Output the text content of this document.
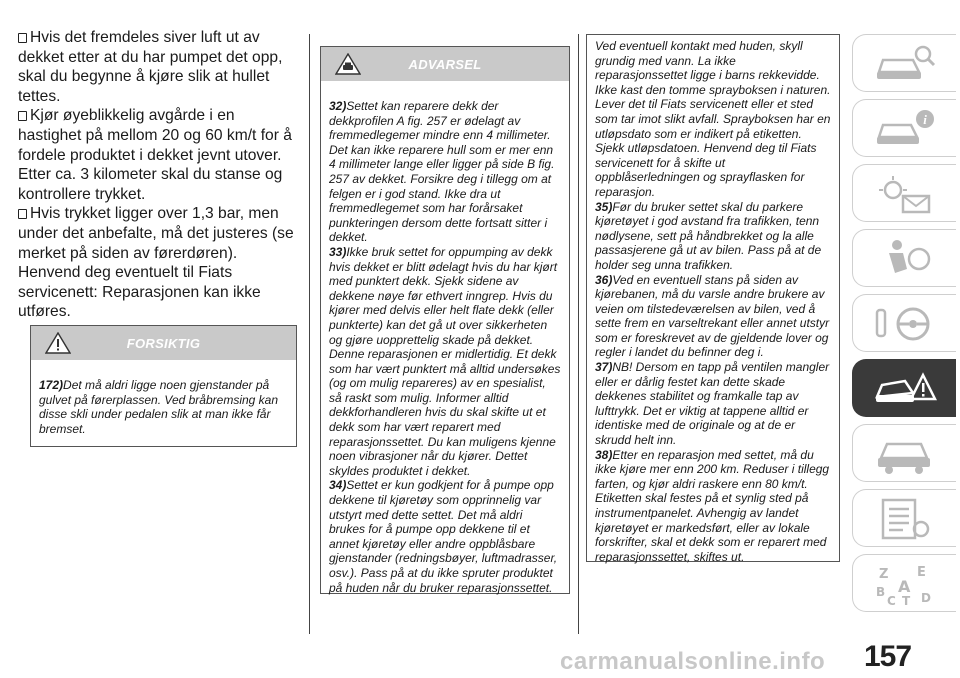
Hvis det fremdeles siver luft ut av dekket etter at du har pumpet det opp, skal du begynne å kjøre slik at hullet tettes.

Kjør øyeblikkelig avgårde i en hastighet på mellom 20 og 60 km/t for å fordele produktet i dekket jevnt utover. Etter ca. 3 kilometer skal du stanse og kontrollere trykket.

Hvis trykket ligger over 1,3 bar, men under det anbefalte, må det justeres (se merket på siden av førerdøren). Henvend deg eventuelt til Fiats servicenett: Reparasjonen kan ikke utføres.

FORSIKTIG

172)Det må aldri ligge noen gjenstander på gulvet på førerplassen. Ved bråbremsing kan disse skli under pedalen slik at man ikke får bremset.

ADVARSEL

32)Settet kan reparere dekk der dekkprofilen A fig. 257 er ødelagt av fremmedlegemer mindre enn 4 millimeter. Det kan ikke reparere hull som er mer enn 4 millimeter lange eller ligger på side B fig. 257 av dekket. Forsikre deg i tillegg om at felgen er i god stand. Ikke dra ut fremmedlegemet som har forårsaket punkteringen dersom dette fortsatt sitter i dekket.

33)Ikke bruk settet for oppumping av dekk hvis dekket er blitt ødelagt hvis du har kjørt med punktert dekk. Sjekk sidene av dekkene nøye før ethvert inngrep. Hvis du kjører med delvis eller helt flate dekk (eller punkterte) kan det gå ut over sikkerheten og gjøre uopprettelig skade på dekket. Denne reparasjonen er midlertidig. Et dekk som har vært punktert må alltid undersøkes (og om mulig repareres) av en spesialist, så raskt som mulig. Informer alltid dekkforhandleren hvis du skal skifte ut et dekk som har vært reparert med reparasjonssettet. Du kan muligens kjenne noen vibrasjoner når du kjører. Dettet skyldes produktet i dekket.

34)Settet er kun godkjent for å pumpe opp dekkene til kjøretøy som opprinnelig var utstyrt med dette settet. Det må aldri brukes for å pumpe opp dekkene til et annet kjøretøy eller andre oppblåsbare gjenstander (redningsbøyer, luftmadrasser, osv.). Pass på at du ikke spruter produktet på huden når du bruker reparasjonssettet.

Ved eventuell kontakt med huden, skyll grundig med vann. La ikke reparasjonssettet ligge i barns rekkevidde. Ikke kast den tomme sprayboksen i naturen. Lever det til Fiats servicenett eller et sted som tar imot slikt avfall. Sprayboksen har en utløpsdato som er indikert på etiketten. Sjekk utløpsdatoen. Henvend deg til Fiats servicenett for å skifte ut oppblåserledningen og sprayflasken for reparasjon.

35)Før du bruker settet skal du parkere kjøretøyet i god avstand fra trafikken, tenn nødlysene, sett på håndbrekket og la alle passasjerene gå ut av bilen. Pass på at de holder seg unna trafikken.

36)Ved en eventuell stans på siden av kjørebanen, må du varsle andre brukere av veien om tilstedeværelsen av bilen, ved å sette frem en varseltrekant eller annet utstyr som er foreskrevet av de gjeldende lover og regler i landet du befinner deg i.

37)NB! Dersom en tapp på ventilen mangler eller er dårlig festet kan dette skade dekkenes stabilitet og framkalle tap av lufttrykk. Det er viktig at tappene alltid er identiske med de originale og at de er skrudd helt inn.

38)Etter en reparasjon med settet, må du ikke kjøre mer enn 200 km. Reduser i tillegg farten, og kjør aldri raskere enn 80 km/t. Etiketten skal festes på et synlig sted på instrumentpanelet. Avhengig av landet kjøretøyet er markedsført, eller av lokale forskrifter, skal et dekk som er reparert med reparasjonssettet, skiftes ut.

i
Z E
A
B
C T D
carmanualsonline.info 157
